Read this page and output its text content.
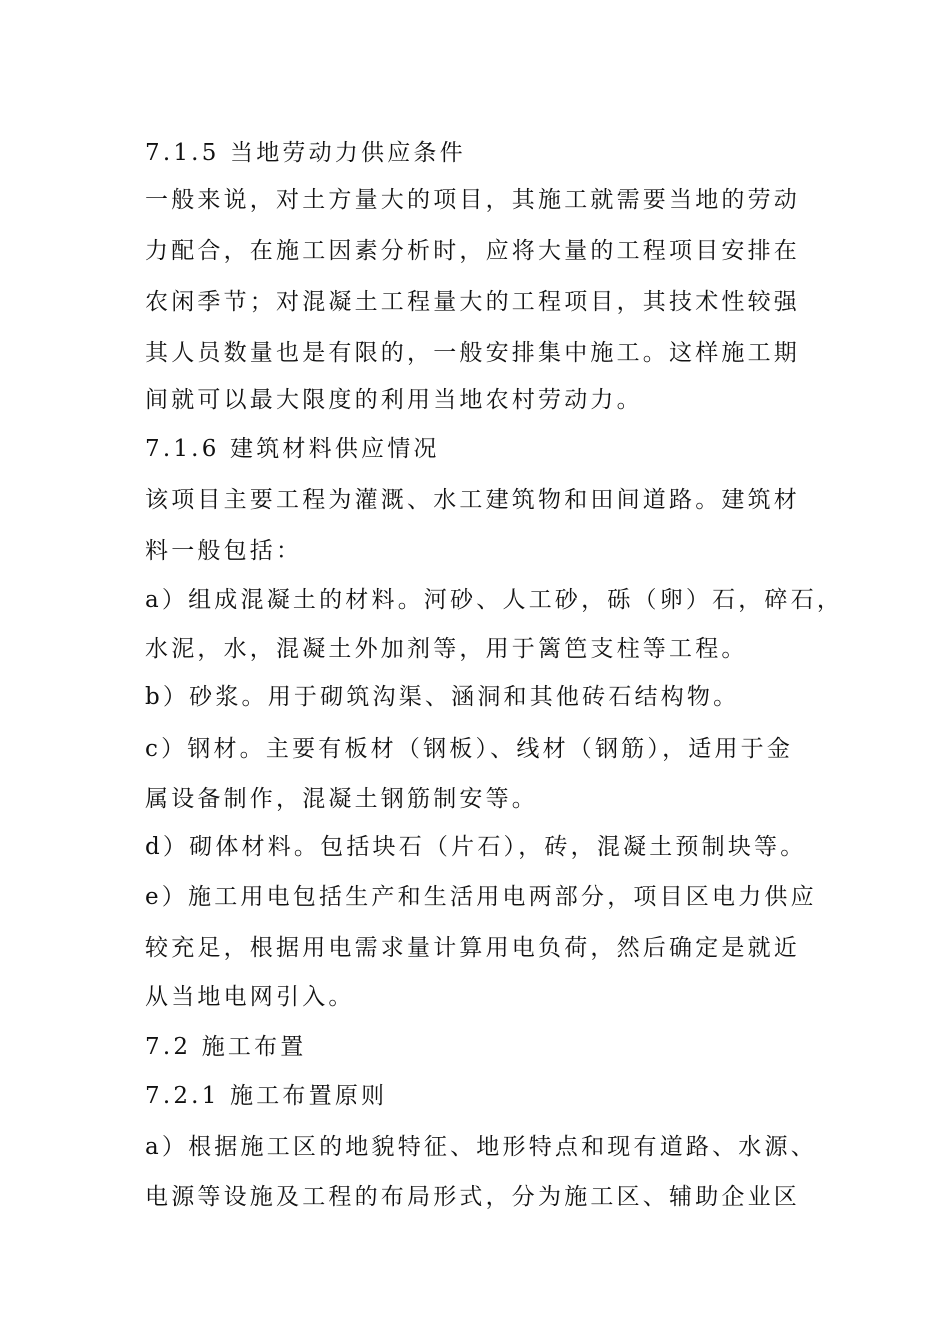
7.1.5 当地劳动力供应条件
一般来说，对土方量大的项目，其施工就需要当地的劳动
力配合，在施工因素分析时，应将大量的工程项目安排在
农闲季节；对混凝土工程量大的工程项目，其技术性较强
其人员数量也是有限的，一般安排集中施工。这样施工期
间就可以最大限度的利用当地农村劳动力。
7.1.6 建筑材料供应情况
该项目主要工程为灌溉、水工建筑物和田间道路。建筑材
料一般包括：
a）组成混凝土的材料。河砂、人工砂，砾（卵）石，碎石，
水泥，水，混凝土外加剂等，用于篱笆支柱等工程。
b）砂浆。用于砌筑沟渠、涵洞和其他砖石结构物。
c）钢材。主要有板材（钢板）、线材（钢筋），适用于金
属设备制作，混凝土钢筋制安等。
d）砌体材料。包括块石（片石），砖，混凝土预制块等。
e）施工用电包括生产和生活用电两部分，项目区电力供应
较充足，根据用电需求量计算用电负荷，然后确定是就近
从当地电网引入。
7.2 施工布置
7.2.1 施工布置原则
a）根据施工区的地貌特征、地形特点和现有道路、水源、
电源等设施及工程的布局形式，分为施工区、辅助企业区
